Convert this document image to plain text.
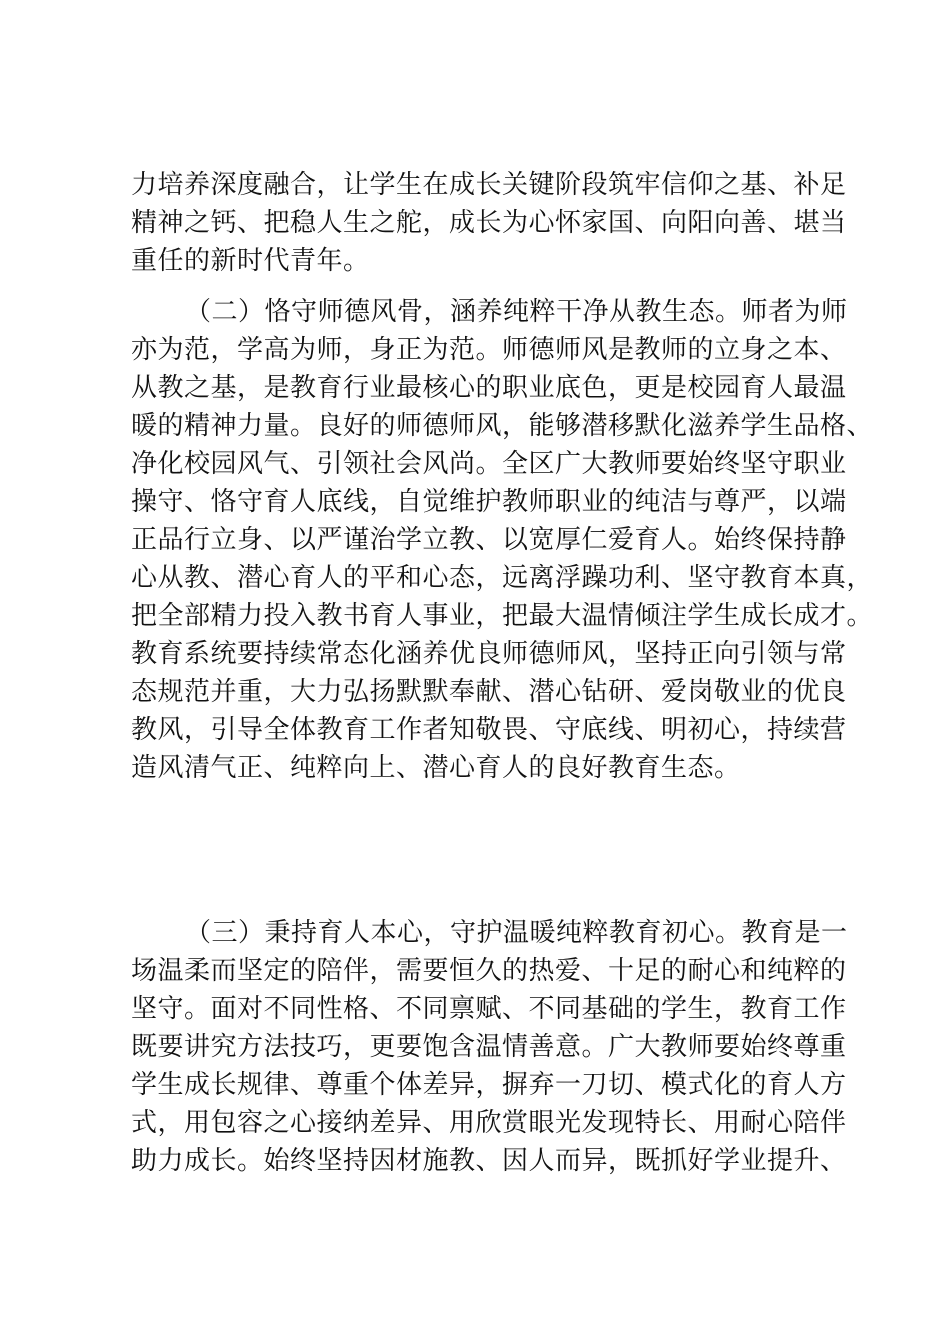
力培养深度融合，让学生在成长关键阶段筑牢信仰之基、补足
精神之钙、把稳人生之舵，成长为心怀家国、向阳向善、堪当
重任的新时代青年。
（二）恪守师德风骨，涵养纯粹干净从教生态。师者为师
亦为范，学高为师，身正为范。师德师风是教师的立身之本、
从教之基，是教育行业最核心的职业底色，更是校园育人最温
暖的精神力量。良好的师德师风，能够潜移默化滋养学生品格、
净化校园风气、引领社会风尚。全区广大教师要始终坚守职业
操守、恪守育人底线，自觉维护教师职业的纯洁与尊严，以端
正品行立身、以严谨治学立教、以宽厚仁爱育人。始终保持静
心从教、潜心育人的平和心态，远离浮躁功利、坚守教育本真，
把全部精力投入教书育人事业，把最大温情倾注学生成长成才。
教育系统要持续常态化涵养优良师德师风，坚持正向引领与常
态规范并重，大力弘扬默默奉献、潜心钻研、爱岗敬业的优良
教风，引导全体教育工作者知敬畏、守底线、明初心，持续营
造风清气正、纯粹向上、潜心育人的良好教育生态。
（三）秉持育人本心，守护温暖纯粹教育初心。教育是一
场温柔而坚定的陪伴，需要恒久的热爱、十足的耐心和纯粹的
坚守。面对不同性格、不同禀赋、不同基础的学生，教育工作
既要讲究方法技巧，更要饱含温情善意。广大教师要始终尊重
学生成长规律、尊重个体差异，摒弃一刀切、模式化的育人方
式，用包容之心接纳差异、用欣赏眼光发现特长、用耐心陪伴
助力成长。始终坚持因材施教、因人而异，既抓好学业提升、
